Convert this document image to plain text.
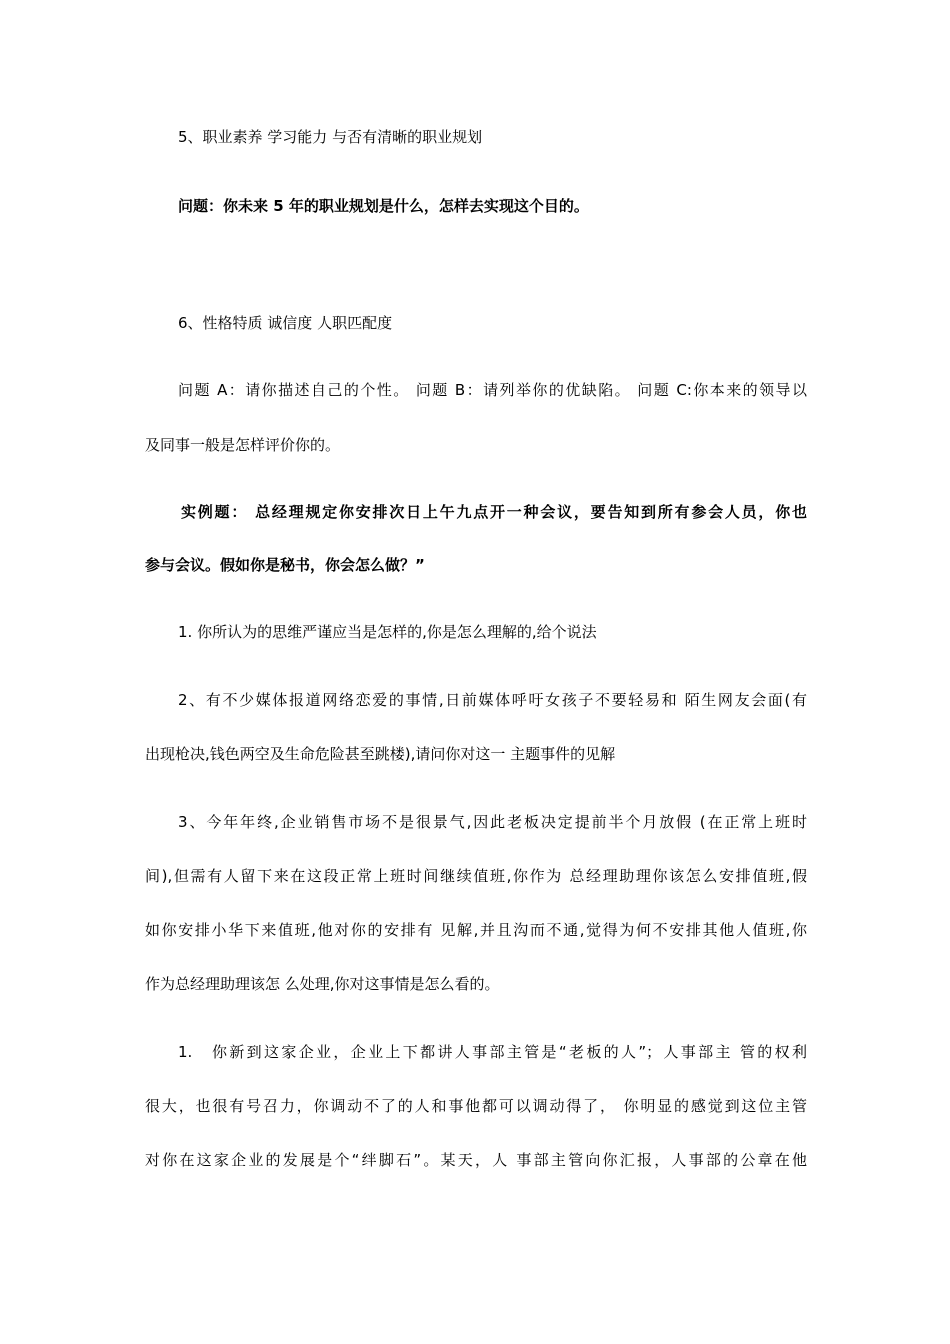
5、职业素养 学习能力 与否有清晰的职业规划
问题：你未来 5 年的职业规划是什么，怎样去实现这个目的。
6、性格特质 诚信度 人职匹配度
问题 A：请你描述自己的个性。 问题 B：请列举你的优缺陷。 问题 C:你本来的领导以
及同事一般是怎样评价你的。
实例题： 总经理规定你安排次日上午九点开一种会议，要告知到所有参会人员，你也
参与会议。假如你是秘书，你会怎么做？”
1. 你所认为的思维严谨应当是怎样的,你是怎么理解的,给个说法
2、有不少媒体报道网络恋爱的事情,日前媒体呼吁女孩子不要轻易和 陌生网友会面(有
出现枪决,钱色两空及生命危险甚至跳楼),请问你对这一 主题事件的见解
3、今年年终,企业销售市场不是很景气,因此老板决定提前半个月放假 (在正常上班时
间),但需有人留下来在这段正常上班时间继续值班,你作为 总经理助理你该怎么安排值班,假
如你安排小华下来值班,他对你的安排有 见解,并且沟而不通,觉得为何不安排其他人值班,你
作为总经理助理该怎 么处理,你对这事情是怎么看的。
1.　你新到这家企业，企业上下都讲人事部主管是“老板的人”；人事部主 管的权利
很大，也很有号召力，你调动不了的人和事他都可以调动得了， 你明显的感觉到这位主管
对你在这家企业的发展是个“绊脚石”。某天，人 事部主管向你汇报，人事部的公章在他
